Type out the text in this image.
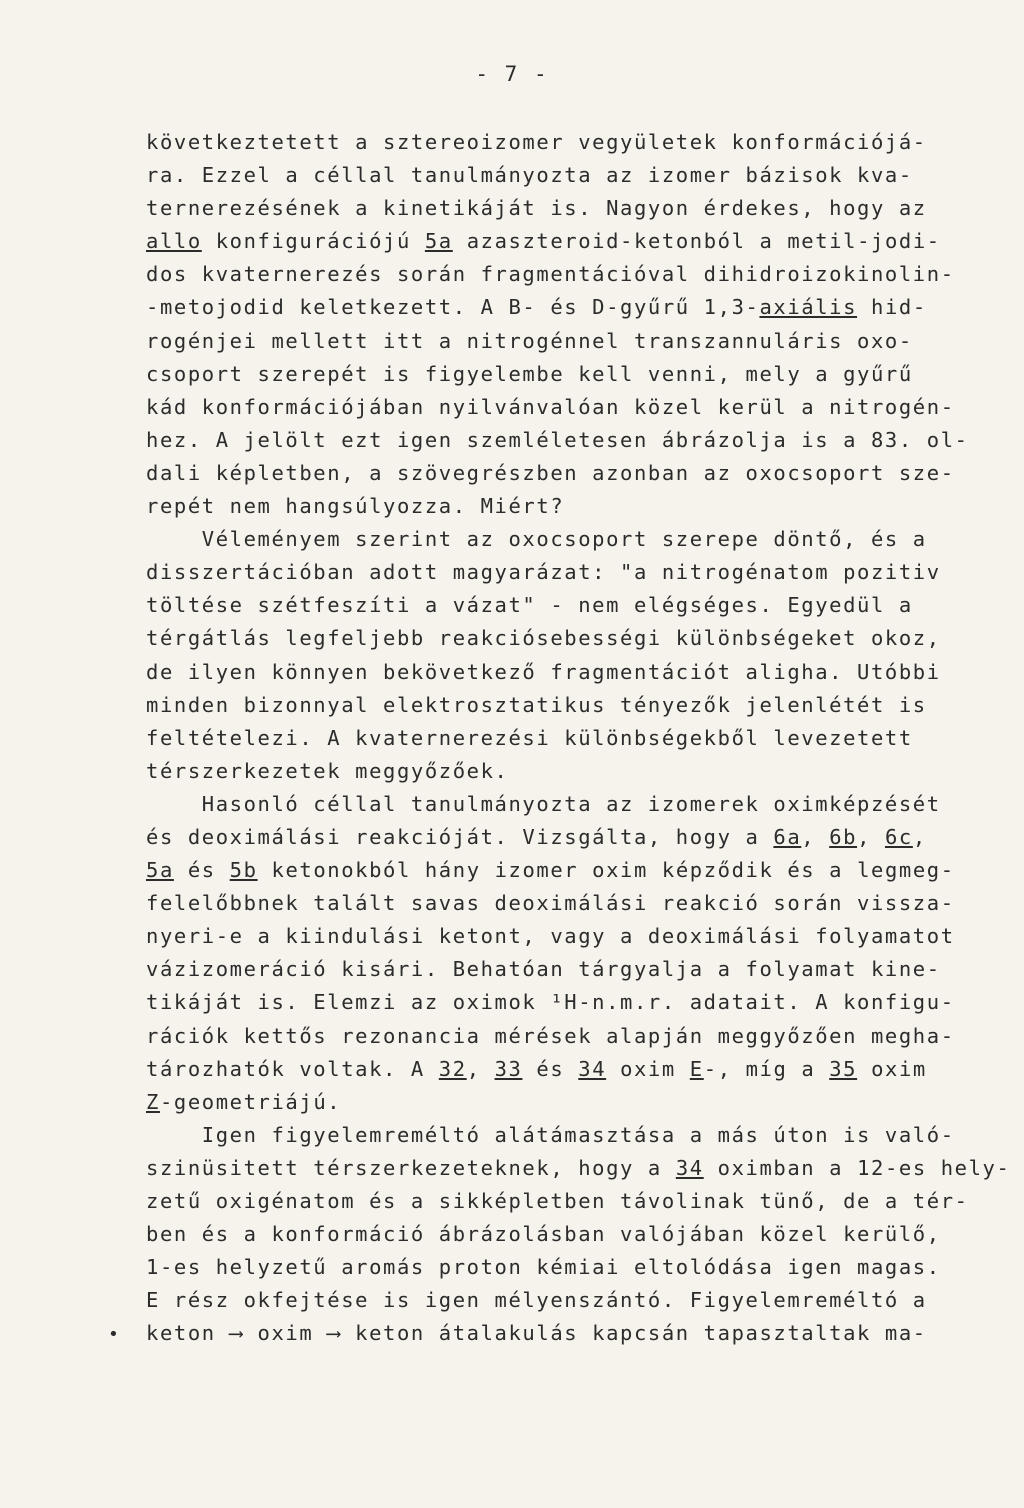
- 7 -
következtetett a sztereoizomer vegyületek konformációjá-
ra. Ezzel a céllal tanulmányozta az izomer bázisok kva-
ternerezésének a kinetikáját is. Nagyon érdekes, hogy az
allo konfigurációjú 5a azaszteroid-ketonból a metil-jodi-
dos kvaternerezés során fragmentációval dihidroizokinolin-
-metojodid keletkezett. A B- és D-gyűrű 1,3-axiális hid-
rogénjei mellett itt a nitrogénnel transzannuláris oxo-
csoport szerepét is figyelembe kell venni, mely a gyűrű
kád konformációjában nyilvánvalóan közel kerül a nitrogén-
hez. A jelölt ezt igen szemléletesen ábrázolja is a 83. ol-
dali képletben, a szövegrészben azonban az oxocsoport sze-
repét nem hangsúlyozza. Miért?
Véleményem szerint az oxocsoport szerepe döntő, és a
disszertációban adott magyarázat: "a nitrogénatom pozitiv
töltése szétfeszíti a vázat" - nem elégséges. Egyedül a
térgátlás legfeljebb reakciósebességi különbségeket okoz,
de ilyen könnyen bekövetkező fragmentációt aligha. Utóbbi
minden bizonnyal elektrosztatikus tényezők jelenlétét is
feltételezi. A kvaternerezési különbségekből levezetett
térszerkezetek meggyőzőek.
Hasonló céllal tanulmányozta az izomerek oximképzését
és deoximálási reakcióját. Vizsgálta, hogy a 6a, 6b, 6c,
5a és 5b ketonokból hány izomer oxim képződik és a legmeg-
felelőbbnek talált savas deoximálási reakció során vissza-
nyeri-e a kiindulási ketont, vagy a deoximálási folyamatot
vázizomeráció kisári. Behatóan tárgyalja a folyamat kine-
tikáját is. Elemzi az oximok ¹H-n.m.r. adatait. A konfigu-
rációk kettős rezonancia mérések alapján meggyőzően megha-
tározhatók voltak. A 32, 33 és 34 oxim E-, míg a 35 oxim
Z-geometriájú.
Igen figyelemreméltó alátámasztása a más úton is való-
szinüsitett térszerkezeteknek, hogy a 34 oximban a 12-es hely-
zetű oxigénatom és a sikképletben távolinak tünő, de a tér-
ben és a konformáció ábrázolásban valójában közel kerülő,
1-es helyzetű aromás proton kémiai eltolódása igen magas.
E rész okfejtése is igen mélyenszántó. Figyelemreméltó a
keton ⟶ oxim ⟶ keton átalakulás kapcsán tapasztaltak ma-
•
